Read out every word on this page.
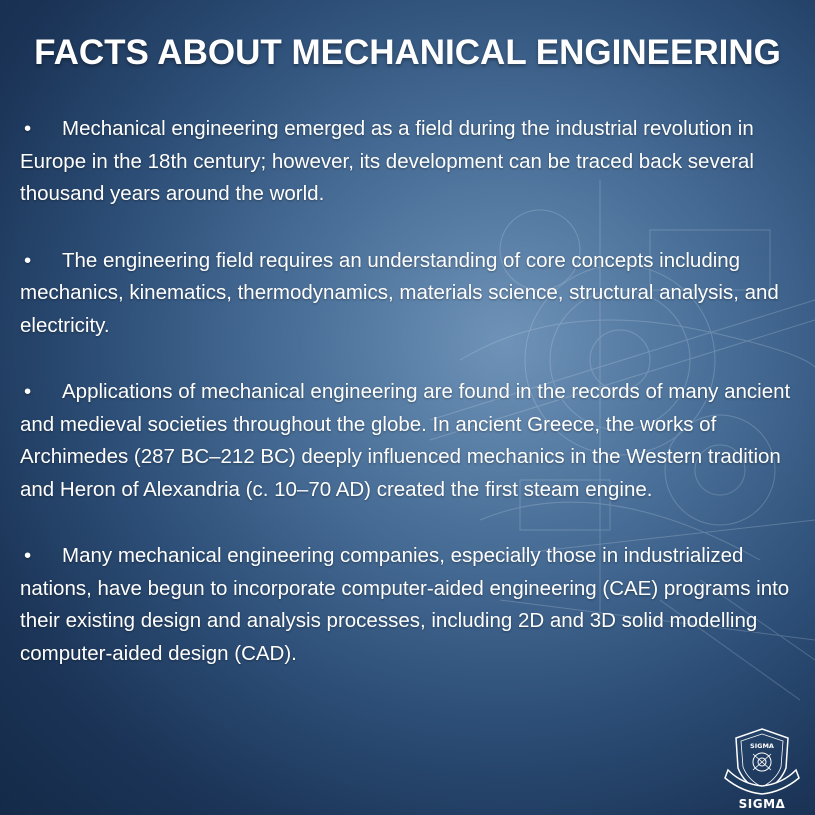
FACTS ABOUT MECHANICAL ENGINEERING
• Mechanical engineering emerged as a field during the industrial revolution in Europe in the 18th century; however, its development can be traced back several thousand years around the world.
• The engineering field requires an understanding of core concepts including mechanics, kinematics, thermodynamics, materials science, structural analysis, and electricity.
• Applications of mechanical engineering are found in the records of many ancient and medieval societies throughout the globe. In ancient Greece, the works of Archimedes (287 BC–212 BC) deeply influenced mechanics in the Western tradition and Heron of Alexandria (c. 10–70 AD) created the first steam engine.
• Many mechanical engineering companies, especially those in industrialized nations, have begun to incorporate computer-aided engineering (CAE) programs into their existing design and analysis processes, including 2D and 3D solid modelling computer-aided design (CAD).
SIGMA
SIGMΔ
